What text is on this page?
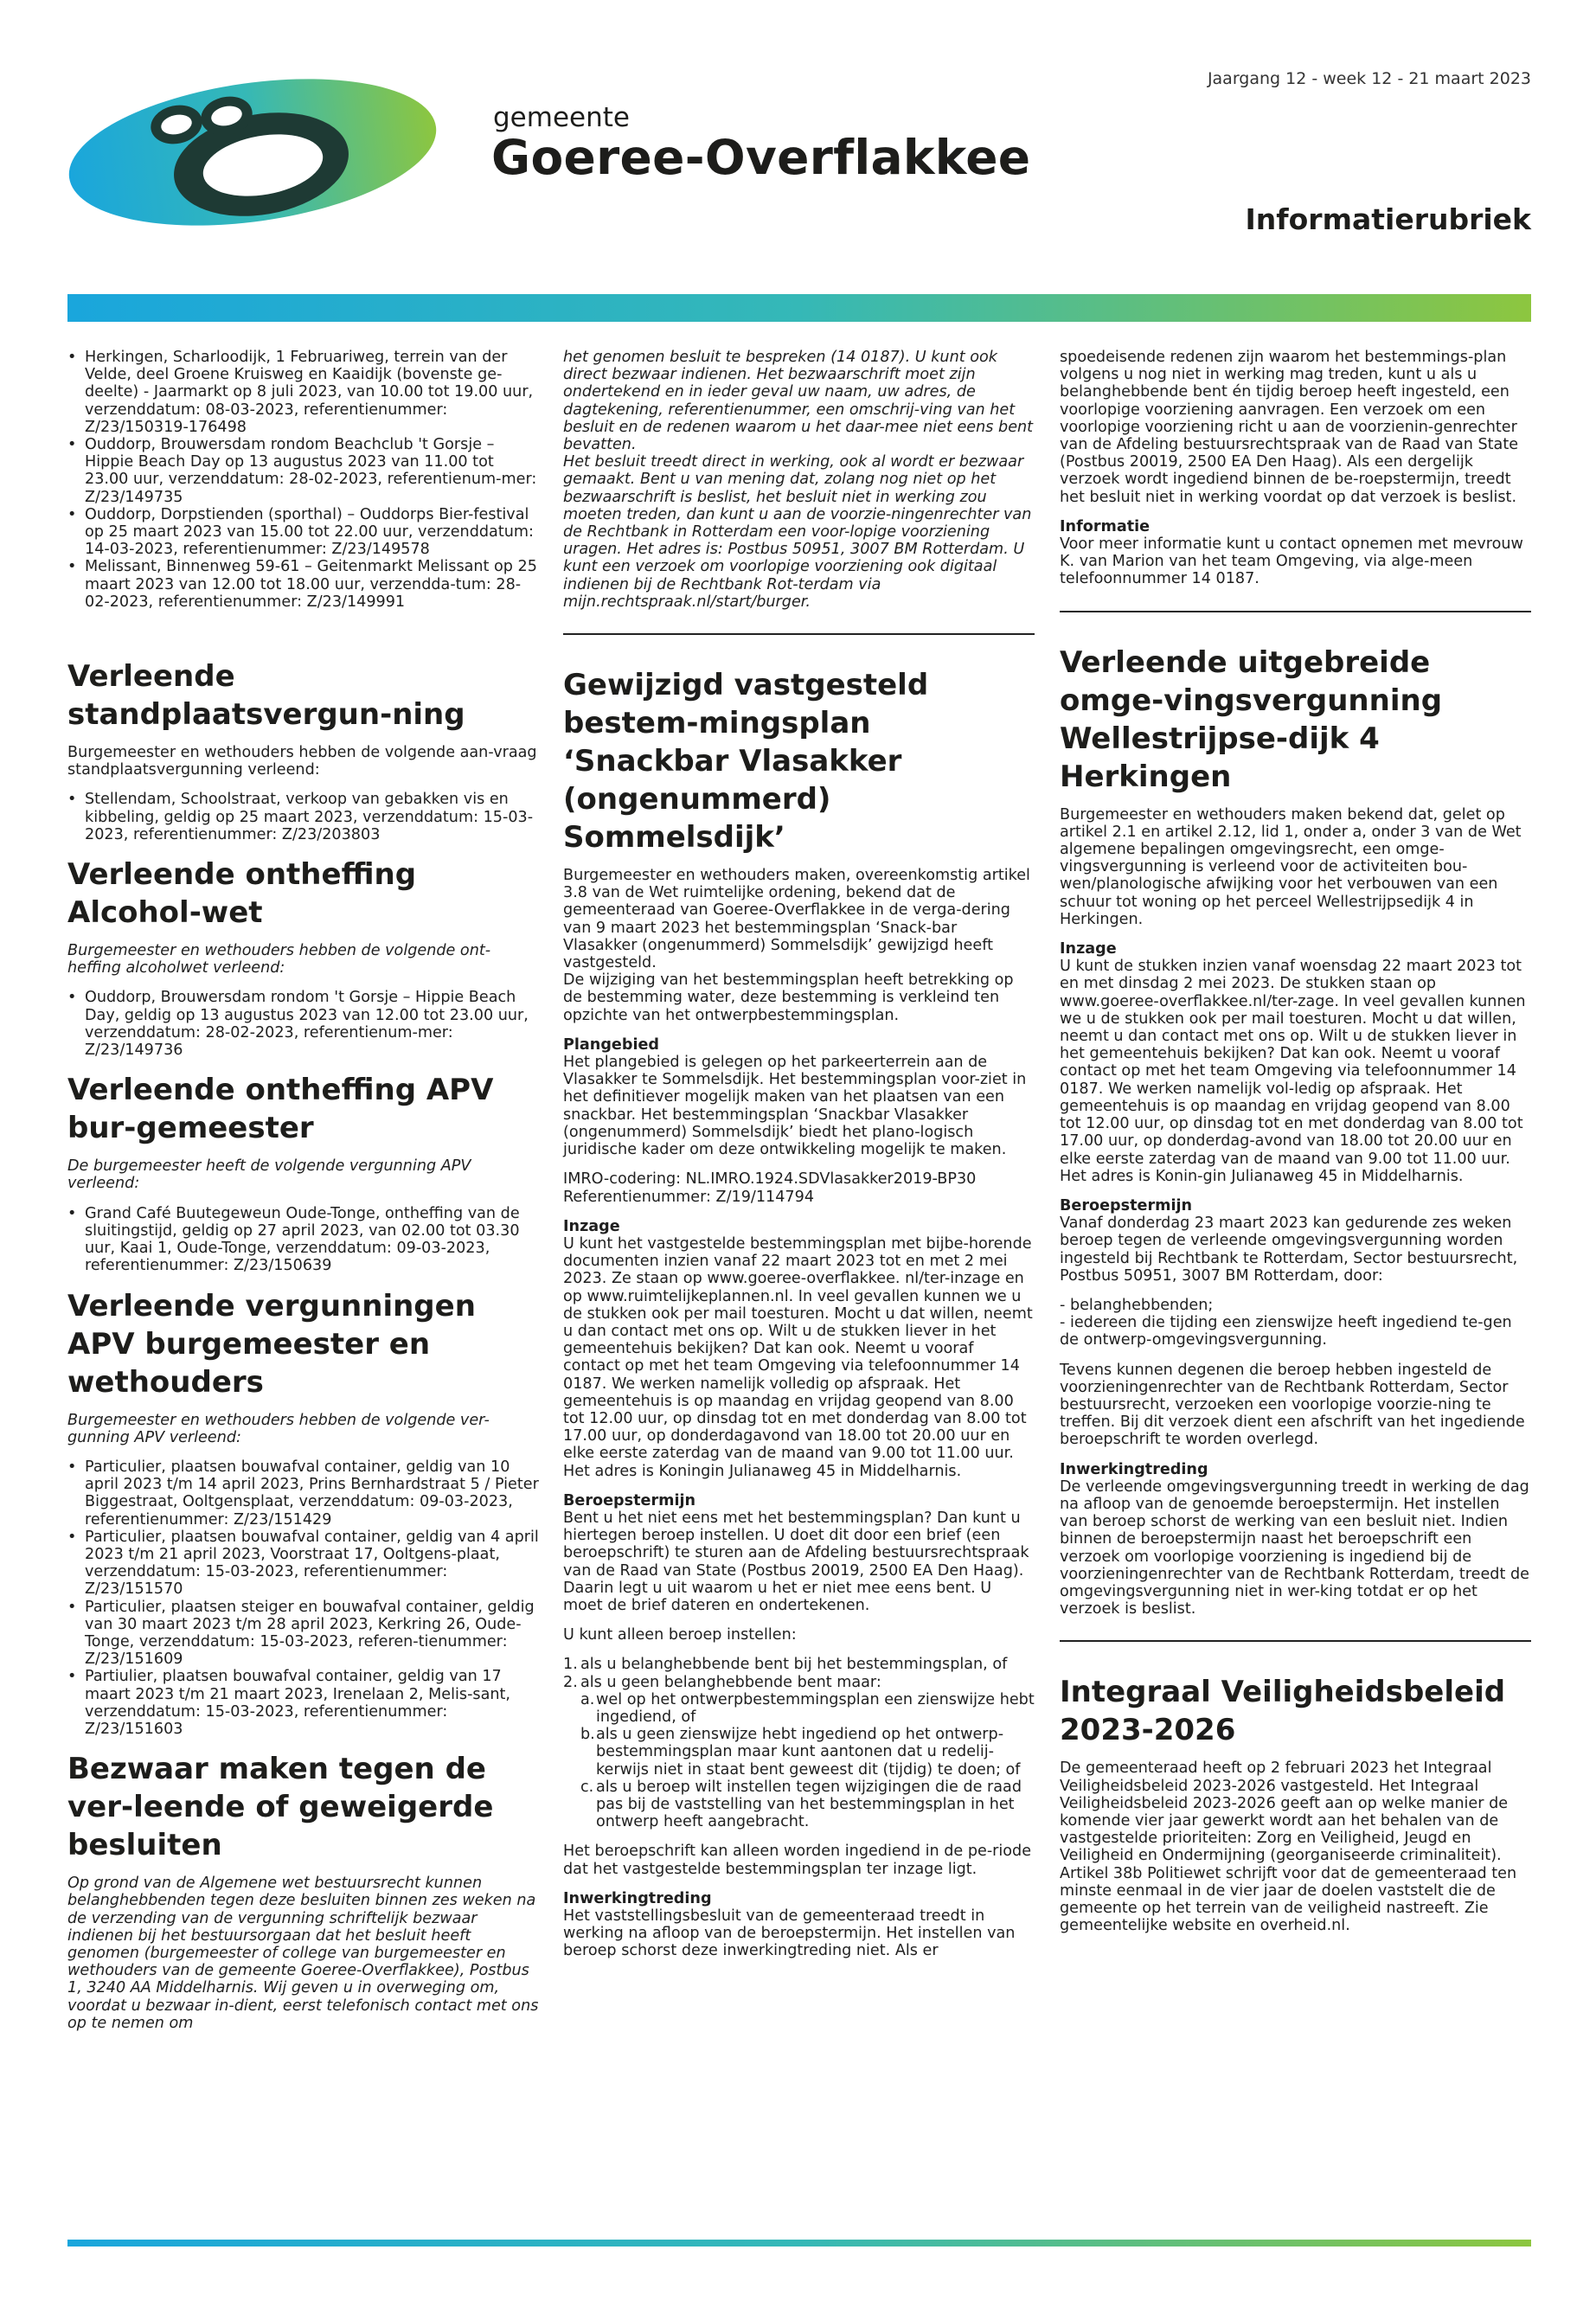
gemeente
Goeree-Overflakkee
Jaargang 12 - week 12 - 21 maart 2023
Informatierubriek
• Herkingen, Scharloodijk, 1 Februariweg, terrein van der Velde, deel Groene Kruisweg en Kaaidijk (bovenste ge-deelte) - Jaarmarkt op 8 juli 2023, van 10.00 tot 19.00 uur, verzenddatum: 08-03-2023, referentienummer: Z/23/150319-176498
• Ouddorp, Brouwersdam rondom Beachclub 't Gorsje – Hippie Beach Day op 13 augustus 2023 van 11.00 tot 23.00 uur, verzenddatum: 28-02-2023, referentienum-mer: Z/23/149735
• Ouddorp, Dorpstienden (sporthal) – Ouddorps Bier-festival op 25 maart 2023 van 15.00 tot 22.00 uur, verzenddatum: 14-03-2023, referentienummer: Z/23/149578
• Melissant, Binnenweg 59-61 – Geitenmarkt Melissant op 25 maart 2023 van 12.00 tot 18.00 uur, verzendda-tum: 28-02-2023, referentienummer: Z/23/149991
Verleende standplaatsvergun-ning

Burgemeester en wethouders hebben de volgende aan-vraag standplaatsvergunning verleend:

• Stellendam, Schoolstraat, verkoop van gebakken vis en kibbeling, geldig op 25 maart 2023, verzenddatum: 15-03-2023, referentienummer: Z/23/203803
Verleende ontheffing Alcohol-wet

Burgemeester en wethouders hebben de volgende ont-heffing alcoholwet verleend:

• Ouddorp, Brouwersdam rondom 't Gorsje – Hippie Beach Day, geldig op 13 augustus 2023 van 12.00 tot 23.00 uur, verzenddatum: 28-02-2023, referentienum-mer: Z/23/149736
Verleende ontheffing APV bur-gemeester

De burgemeester heeft de volgende vergunning APV verleend:

• Grand Café Buutegeweun Oude-Tonge, ontheffing van de sluitingstijd, geldig op 27 april 2023, van 02.00 tot 03.30 uur, Kaai 1, Oude-Tonge, verzenddatum: 09-03-2023, referentienummer: Z/23/150639
Verleende vergunningen APV burgemeester en wethouders

Burgemeester en wethouders hebben de volgende ver-gunning APV verleend:

• Particulier, plaatsen bouwafval container, geldig van 10 april 2023 t/m 14 april 2023, Prins Bernhardstraat 5 / Pieter Biggestraat, Ooltgensplaat, verzenddatum: 09-03-2023, referentienummer: Z/23/151429
• Particulier, plaatsen bouwafval container, geldig van 4 april 2023 t/m 21 april 2023, Voorstraat 17, Ooltgens-plaat, verzenddatum: 15-03-2023, referentienummer: Z/23/151570
• Particulier, plaatsen steiger en bouwafval container, geldig van 30 maart 2023 t/m 28 april 2023, Kerkring 26, Oude-Tonge, verzenddatum: 15-03-2023, referen-tienummer: Z/23/151609
• Partiulier, plaatsen bouwafval container, geldig van 17 maart 2023 t/m 21 maart 2023, Irenelaan 2, Melis-sant, verzenddatum: 15-03-2023, referentienummer: Z/23/151603
Bezwaar maken tegen de ver-leende of geweigerde besluiten

Op grond van de Algemene wet bestuursrecht kunnen belanghebbenden tegen deze besluiten binnen zes weken na de verzending van de vergunning schriftelijk bezwaar indienen bij het bestuursorgaan dat het besluit heeft genomen (burgemeester of college van burgemeester en wethouders van de gemeente Goeree-Overflakkee), Postbus 1, 3240 AA Middelharnis. Wij geven u in overweging om, voordat u bezwaar in-dient, eerst telefonisch contact met ons op te nemen om

het genomen besluit te bespreken (14 0187). U kunt ook direct bezwaar indienen. Het bezwaarschrift moet zijn ondertekend en in ieder geval uw naam, uw adres, de dagtekening, referentienummer, een omschrij-ving van het besluit en de redenen waarom u het daar-mee niet eens bent bevatten.

Het besluit treedt direct in werking, ook al wordt er bezwaar gemaakt. Bent u van mening dat, zolang nog niet op het bezwaarschrift is beslist, het besluit niet in werking zou moeten treden, dan kunt u aan de voorzie-ningenrechter van de Rechtbank in Rotterdam een voor-lopige voorziening uragen. Het adres is: Postbus 50951, 3007 BM Rotterdam. U kunt een verzoek om voorlopige voorziening ook digitaal indienen bij de Rechtbank Rot-terdam via mijn.rechtspraak.nl/start/burger.

Gewijzigd vastgesteld bestem-mingsplan ‘Snackbar Vlasakker (ongenummerd) Sommelsdijk’

Burgemeester en wethouders maken, overeenkomstig artikel 3.8 van de Wet ruimtelijke ordening, bekend dat de gemeenteraad van Goeree-Overflakkee in de verga-dering van 9 maart 2023 het bestemmingsplan ‘Snack-bar Vlasakker (ongenummerd) Sommelsdijk’ gewijzigd heeft vastgesteld.

De wijziging van het bestemmingsplan heeft betrekking op de bestemming water, deze bestemming is verkleind ten opzichte van het ontwerpbestemmingsplan.

Plangebied

Het plangebied is gelegen op het parkeerterrein aan de Vlasakker te Sommelsdijk. Het bestemmingsplan voor-ziet in het definitiever mogelijk maken van het plaatsen van een snackbar. Het bestemmingsplan ‘Snackbar Vlasakker (ongenummerd) Sommelsdijk’ biedt het plano-logisch juridische kader om deze ontwikkeling mogelijk te maken.

IMRO-codering: NL.IMRO.1924.SDVlasakker2019-BP30

Referentienummer: Z/19/114794

Inzage

U kunt het vastgestelde bestemmingsplan met bijbe-horende documenten inzien vanaf 22 maart 2023 tot en met 2 mei 2023. Ze staan op www.goeree-overflakkee. nl/ter-inzage en op www.ruimtelijkeplannen.nl. In veel gevallen kunnen we u de stukken ook per mail toesturen. Mocht u dat willen, neemt u dan contact met ons op. Wilt u de stukken liever in het gemeentehuis bekijken? Dat kan ook. Neemt u vooraf contact op met het team Omgeving via telefoonnummer 14 0187. We werken namelijk volledig op afspraak. Het gemeentehuis is op maandag en vrijdag geopend van 8.00 tot 12.00 uur, op dinsdag tot en met donderdag van 8.00 tot 17.00 uur, op donderdagavond van 18.00 tot 20.00 uur en elke eerste zaterdag van de maand van 9.00 tot 11.00 uur. Het adres is Koningin Julianaweg 45 in Middelharnis.

Beroepstermijn

Bent u het niet eens met het bestemmingsplan? Dan kunt u hiertegen beroep instellen. U doet dit door een brief (een beroepschrift) te sturen aan de Afdeling bestuursrechtspraak van de Raad van State (Postbus 20019, 2500 EA Den Haag). Daarin legt u uit waarom u het er niet mee eens bent. U moet de brief dateren en ondertekenen.

U kunt alleen beroep instellen:

1. als u belanghebbende bent bij het bestemmingsplan, of
2. als u geen belanghebbende bent maar:
a. wel op het ontwerpbestemmingsplan een zienswijze hebt ingediend, of
b. als u geen zienswijze hebt ingediend op het ontwerp-bestemmingsplan maar kunt aantonen dat u redelij-kerwijs niet in staat bent geweest dit (tijdig) te doen; of
c. als u beroep wilt instellen tegen wijzigingen die de raad pas bij de vaststelling van het bestemmingsplan in het ontwerp heeft aangebracht.

Het beroepschrift kan alleen worden ingediend in de pe-riode dat het vastgestelde bestemmingsplan ter inzage ligt.

Inwerkingtreding

Het vaststellingsbesluit van de gemeenteraad treedt in werking na afloop van de beroepstermijn. Het instellen van beroep schorst deze inwerkingtreding niet. Als er

spoedeisende redenen zijn waarom het bestemmings-plan volgens u nog niet in werking mag treden, kunt u als u belanghebbende bent én tijdig beroep heeft ingesteld, een voorlopige voorziening aanvragen. Een verzoek om een voorlopige voorziening richt u aan de voorzienin-genrechter van de Afdeling bestuursrechtspraak van de Raad van State (Postbus 20019, 2500 EA Den Haag). Als een dergelijk verzoek wordt ingediend binnen de be-roepstermijn, treedt het besluit niet in werking voordat op dat verzoek is beslist.

Informatie

Voor meer informatie kunt u contact opnemen met mevrouw K. van Marion van het team Omgeving, via alge-meen telefoonnummer 14 0187.

Verleende uitgebreide omge-vingsvergunning Wellestrijpse-dijk 4 Herkingen

Burgemeester en wethouders maken bekend dat, gelet op artikel 2.1 en artikel 2.12, lid 1, onder a, onder 3 van de Wet algemene bepalingen omgevingsrecht, een omge-vingsvergunning is verleend voor de activiteiten bou-wen/planologische afwijking voor het verbouwen van een schuur tot woning op het perceel Wellestrijpsedijk 4 in Herkingen.

Inzage

U kunt de stukken inzien vanaf woensdag 22 maart 2023 tot en met dinsdag 2 mei 2023. De stukken staan op www.goeree-overflakkee.nl/ter-zage. In veel gevallen kunnen we u de stukken ook per mail toesturen. Mocht u dat willen, neemt u dan contact met ons op. Wilt u de stukken liever in het gemeentehuis bekijken? Dat kan ook. Neemt u vooraf contact op met het team Omgeving via telefoonnummer 14 0187. We werken namelijk vol-ledig op afspraak. Het gemeentehuis is op maandag en vrijdag geopend van 8.00 tot 12.00 uur, op dinsdag tot en met donderdag van 8.00 tot 17.00 uur, op donderdag-avond van 18.00 tot 20.00 uur en elke eerste zaterdag van de maand van 9.00 tot 11.00 uur. Het adres is Konin-gin Julianaweg 45 in Middelharnis.

Beroepstermijn

Vanaf donderdag 23 maart 2023 kan gedurende zes weken beroep tegen de verleende omgevingsvergunning worden ingesteld bij Rechtbank te Rotterdam, Sector bestuursrecht, Postbus 50951, 3007 BM Rotterdam, door:

- belanghebbenden;

- iedereen die tijding een zienswijze heeft ingediend te-gen de ontwerp-omgevingsvergunning.

Tevens kunnen degenen die beroep hebben ingesteld de voorzieningenrechter van de Rechtbank Rotterdam, Sector bestuursrecht, verzoeken een voorlopige voorzie-ning te treffen. Bij dit verzoek dient een afschrift van het ingediende beroepschrift te worden overlegd.

Inwerkingtreding

De verleende omgevingsvergunning treedt in werking de dag na afloop van de genoemde beroepstermijn. Het instellen van beroep schorst de werking van een besluit niet. Indien binnen de beroepstermijn naast het beroepschrift een verzoek om voorlopige voorziening is ingediend bij de voorzieningenrechter van de Rechtbank Rotterdam, treedt de omgevingsvergunning niet in wer-king totdat er op het verzoek is beslist.

Integraal Veiligheidsbeleid 2023-2026

De gemeenteraad heeft op 2 februari 2023 het Integraal Veiligheidsbeleid 2023-2026 vastgesteld. Het Integraal Veiligheidsbeleid 2023-2026 geeft aan op welke manier de komende vier jaar gewerkt wordt aan het behalen van de vastgestelde prioriteiten: Zorg en Veiligheid, Jeugd en Veiligheid en Ondermijning (georganiseerde criminaliteit). Artikel 38b Politiewet schrijft voor dat de gemeenteraad ten minste eenmaal in de vier jaar de doelen vaststelt die de gemeente op het terrein van de veiligheid nastreeft. Zie gemeentelijke website en overheid.nl.
